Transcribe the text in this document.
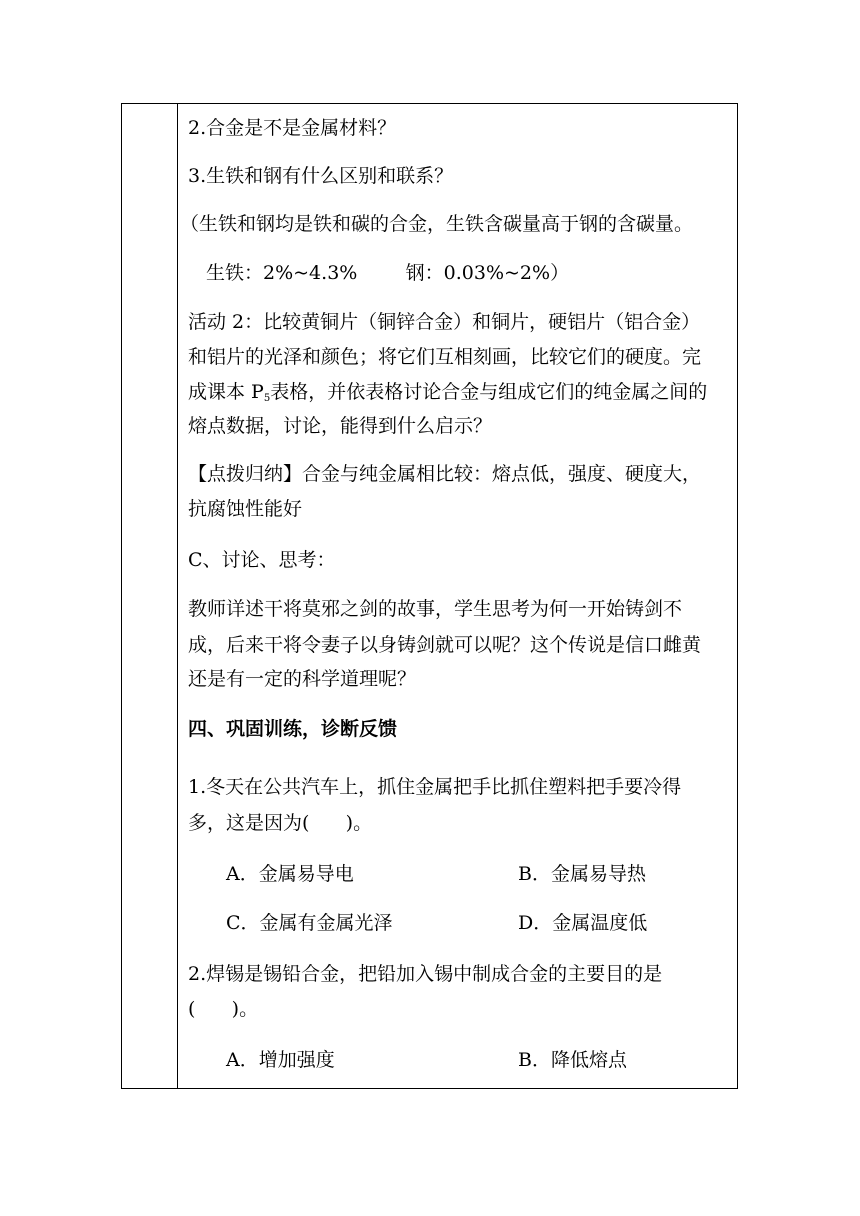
2.合金是不是金属材料？
3.生铁和钢有什么区别和联系？
（生铁和钢均是铁和碳的合金，生铁含碳量高于钢的含碳量。
生铁：2%~4.3%        钢：0.03%~2%）
活动 2：比较黄铜片（铜锌合金）和铜片，硬铝片（铝合金）
和铝片的光泽和颜色；将它们互相刻画，比较它们的硬度。完
成课本 $P_5$表格，并依表格讨论合金与组成它们的纯金属之间的
熔点数据，讨论，能得到什么启示？
【点拨归纳】合金与纯金属相比较：熔点低，强度、硬度大，
抗腐蚀性能好
C、讨论、思考：
教师详述干将莫邪之剑的故事，学生思考为何一开始铸剑不
成，后来干将令妻子以身铸剑就可以呢？这个传说是信口雌黄
还是有一定的科学道理呢？
四、巩固训练，诊断反馈
1.冬天在公共汽车上，抓住金属把手比抓住塑料把手要冷得
多，这是因为(      )。
A．金属易导电	B．金属易导热
C．金属有金属光泽	D．金属温度低
2.焊锡是锡铅合金，把铅加入锡中制成合金的主要目的是
(      )。
A．增加强度	B．降低熔点
